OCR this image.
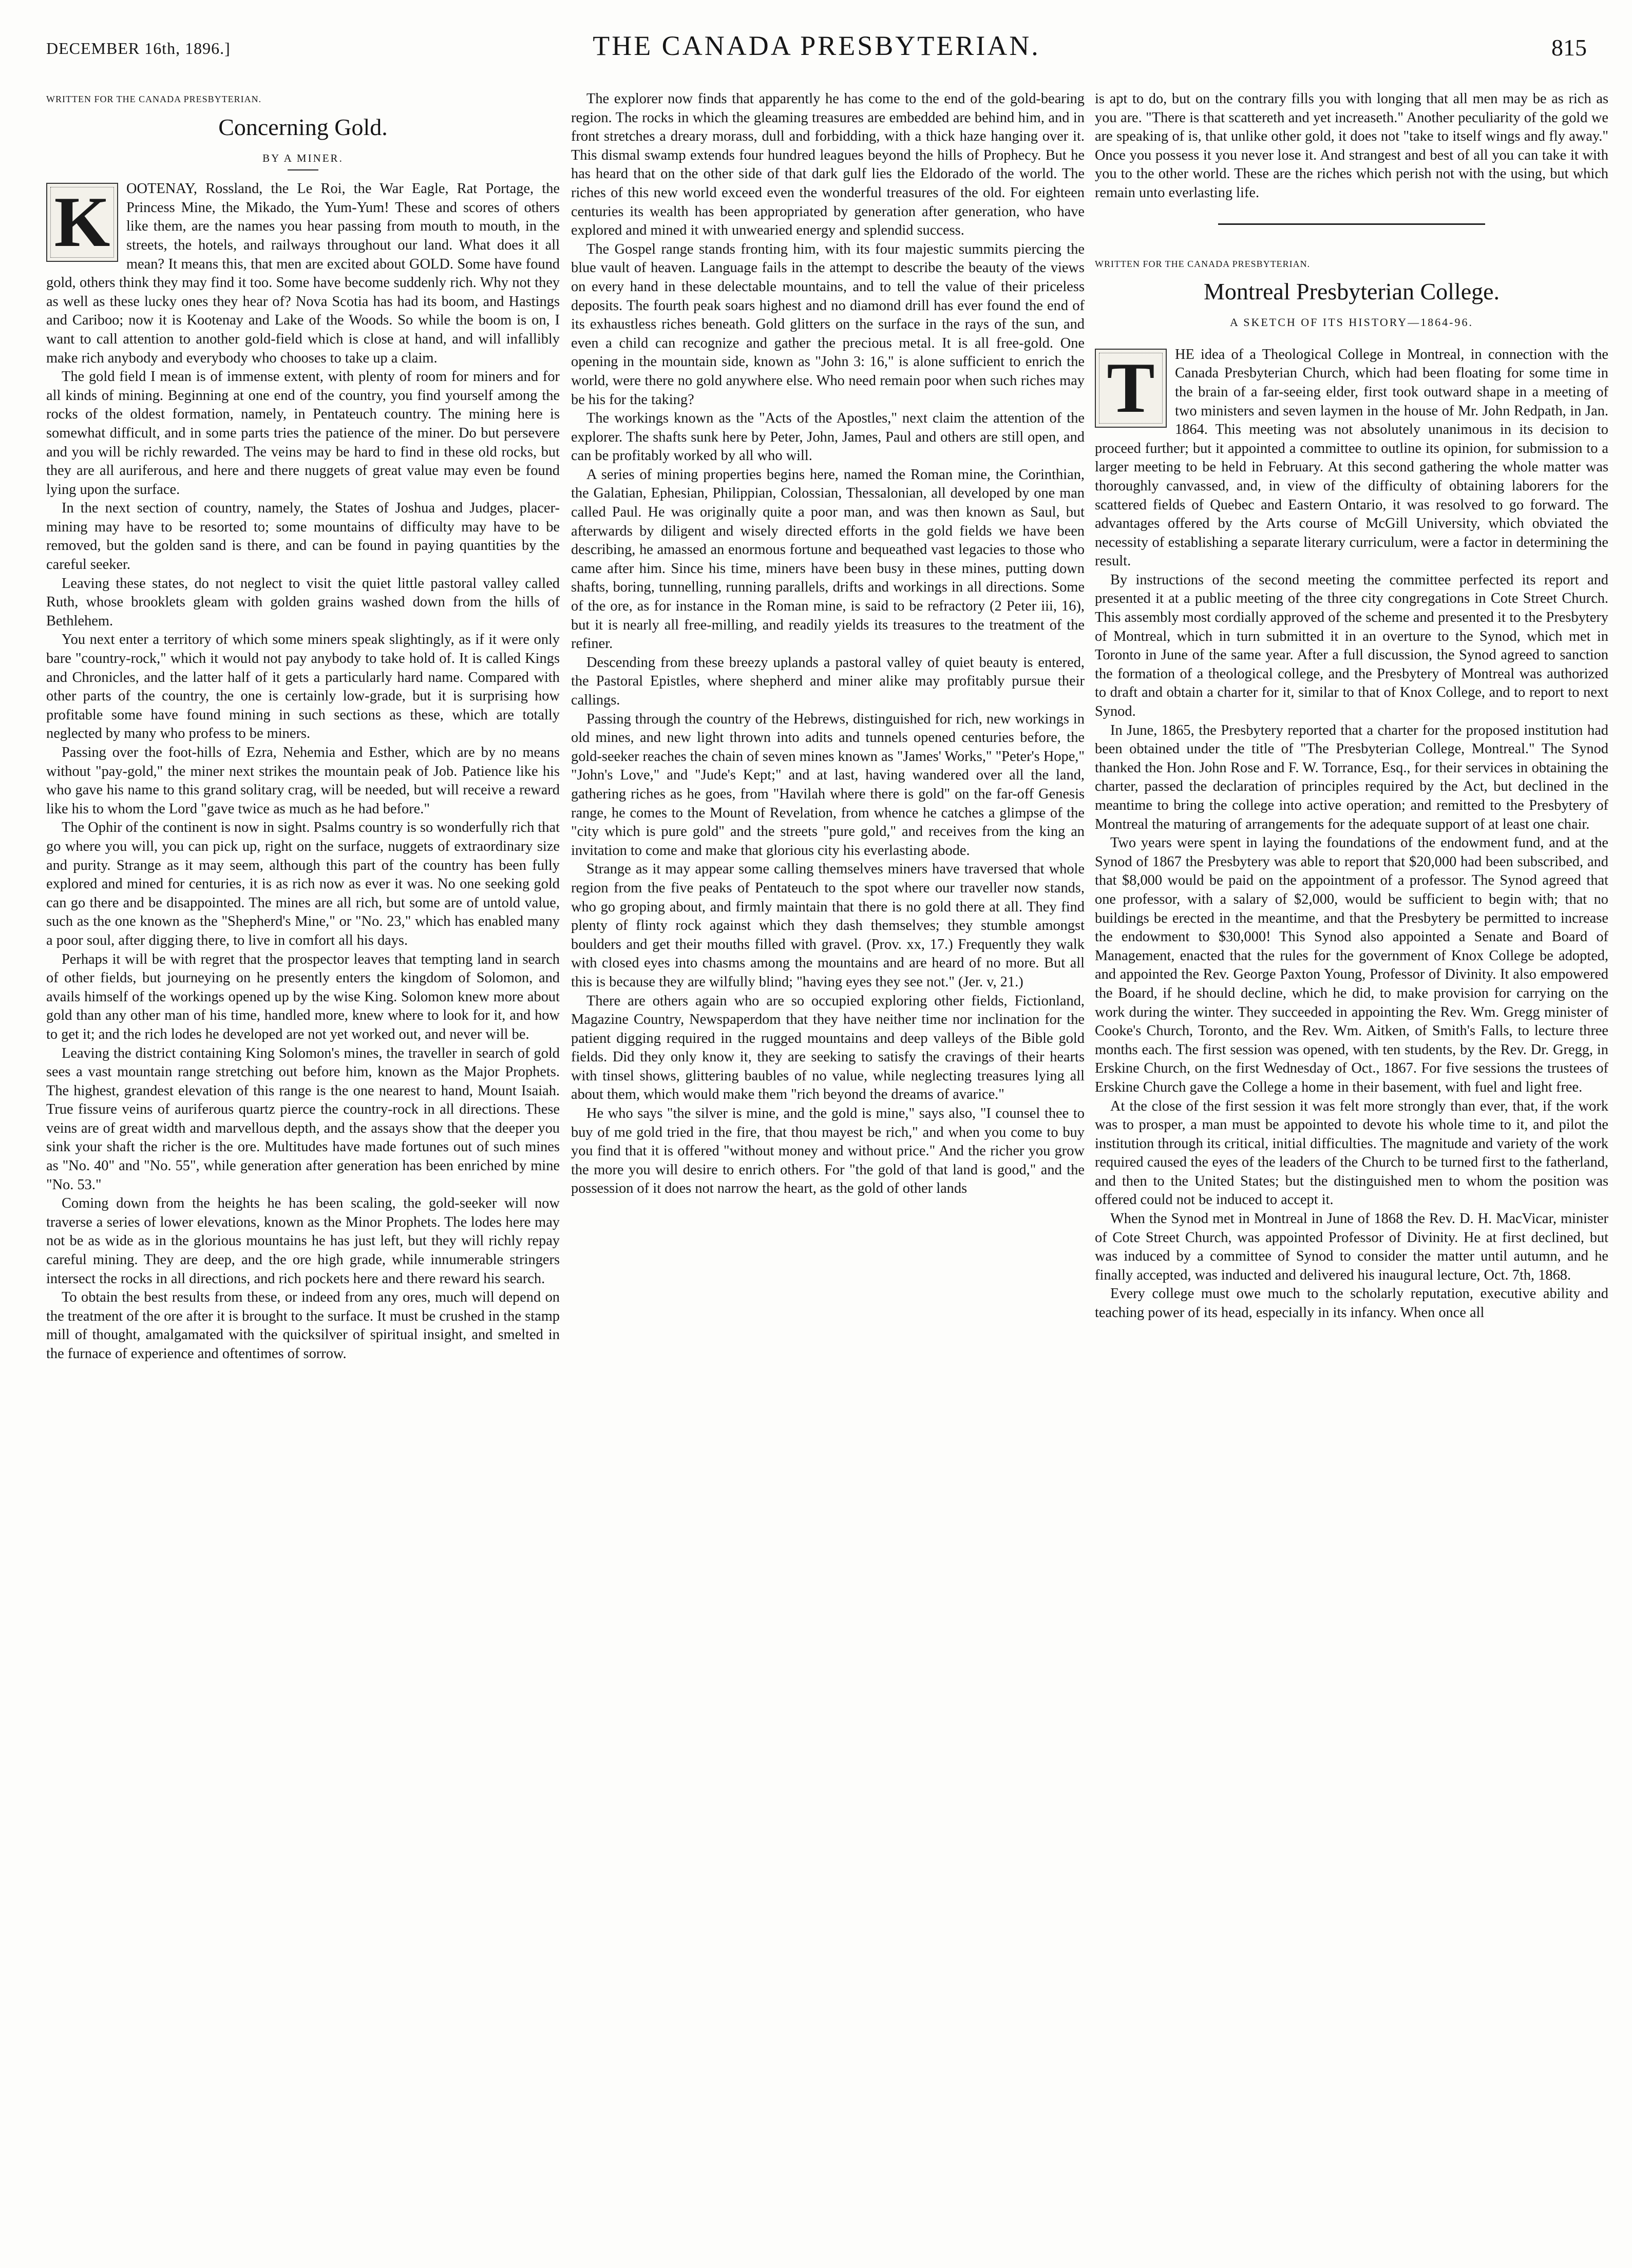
DECEMBER 16th, 1896.]	THE CANADA PRESBYTERIAN.	815
WRITTEN FOR THE CANADA PRESBYTERIAN.
Concerning Gold.
BY A MINER.

K	OOTENAY, Rossland, the Le Roi, the War Eagle, Rat Portage, the Princess Mine, the Mikado, the Yum-Yum! These and scores of others like them, are the names you hear passing from mouth to mouth, in the streets, the hotels, and railways throughout our land. What does it all mean? It means this, that men are excited about GOLD. Some have found gold, others think they may find it too. Some have become suddenly rich. Why not they as well as these lucky ones they hear of? Nova Scotia has had its boom, and Hastings and Cariboo; now it is Kootenay and Lake of the Woods. So while the boom is on, I want to call attention to another gold-field which is close at hand, and will infallibly make rich anybody and everybody who chooses to take up a claim.

The gold field I mean is of immense extent, with plenty of room for miners and for all kinds of mining. Beginning at one end of the country, you find yourself among the rocks of the oldest formation, namely, in Pentateuch country. The mining here is somewhat difficult, and in some parts tries the patience of the miner. Do but persevere and you will be richly rewarded. The veins may be hard to find in these old rocks, but they are all auriferous, and here and there nuggets of great value may even be found lying upon the surface.

In the next section of country, namely, the States of Joshua and Judges, placer-mining may have to be resorted to; some mountains of difficulty may have to be removed, but the golden sand is there, and can be found in paying quantities by the careful seeker.

Leaving these states, do not neglect to visit the quiet little pastoral valley called Ruth, whose brooklets gleam with golden grains washed down from the hills of Bethlehem.

You next enter a territory of which some miners speak slightingly, as if it were only bare "country-rock," which it would not pay anybody to take hold of. It is called Kings and Chronicles, and the latter half of it gets a particularly hard name. Compared with other parts of the country, the one is certainly low-grade, but it is surprising how profitable some have found mining in such sections as these, which are totally neglected by many who profess to be miners.

Passing over the foot-hills of Ezra, Nehemia and Esther, which are by no means without "pay-gold," the miner next strikes the mountain peak of Job. Patience like his who gave his name to this grand solitary crag, will be needed, but will receive a reward like his to whom the Lord "gave twice as much as he had before."

The Ophir of the continent is now in sight. Psalms country is so wonderfully rich that go where you will, you can pick up, right on the surface, nuggets of extraordinary size and purity. Strange as it may seem, although this part of the country has been fully explored and mined for centuries, it is as rich now as ever it was. No one seeking gold can go there and be disappointed. The mines are all rich, but some are of untold value, such as the one known as the "Shepherd's Mine," or "No. 23," which has enabled many a poor soul, after digging there, to live in comfort all his days.

Perhaps it will be with regret that the prospector leaves that tempting land in search of other fields, but journeying on he presently enters the kingdom of Solomon, and avails himself of the workings opened up by the wise King. Solomon knew more about gold than any other man of his time, handled more, knew where to look for it, and how to get it; and the rich lodes he developed are not yet worked out, and never will be.

Leaving the district containing King Solomon's mines, the traveller in search of gold sees a vast mountain range stretching out before him, known as the Major Prophets. The highest, grandest elevation of this range is the one nearest to hand, Mount Isaiah. True fissure veins of auriferous quartz pierce the country-rock in all directions. These veins are of great width and marvellous depth, and the assays show that the deeper you sink your shaft the richer is the ore. Multitudes have made fortunes out of such mines as "No. 40" and "No. 55", while generation after generation has been enriched by mine "No. 53."

Coming down from the heights he has been scaling, the gold-seeker will now traverse a series of lower elevations, known as the Minor Prophets. The lodes here may not be as wide as in the glorious mountains he has just left, but they will richly repay careful mining. They are deep, and the ore high grade, while innumerable stringers intersect the rocks in all directions, and rich pockets here and there reward his search.

To obtain the best results from these, or indeed from any ores, much will depend on the treatment of the ore after it is brought to the surface. It must be crushed in the stamp mill of thought, amalgamated with the quicksilver of spiritual insight, and smelted in the furnace of experience and oftentimes of sorrow.

The explorer now finds that apparently he has come to the end of the gold-bearing region. The rocks in which the gleaming treasures are embedded are behind him, and in front stretches a dreary morass, dull and forbidding, with a thick haze hanging over it. This dismal swamp extends four hundred leagues beyond the hills of Prophecy. But he has heard that on the other side of that dark gulf lies the Eldorado of the world. The riches of this new world exceed even the wonderful treasures of the old. For eighteen centuries its wealth has been appropriated by generation after generation, who have explored and mined it with unwearied energy and splendid success.

The Gospel range stands fronting him, with its four majestic summits piercing the blue vault of heaven. Language fails in the attempt to describe the beauty of the views on every hand in these delectable mountains, and to tell the value of their priceless deposits. The fourth peak soars highest and no diamond drill has ever found the end of its exhaustless riches beneath. Gold glitters on the surface in the rays of the sun, and even a child can recognize and gather the precious metal. It is all free-gold. One opening in the mountain side, known as "John 3: 16," is alone sufficient to enrich the world, were there no gold anywhere else. Who need remain poor when such riches may be his for the taking?

The workings known as the "Acts of the Apostles," next claim the attention of the explorer. The shafts sunk here by Peter, John, James, Paul and others are still open, and can be profitably worked by all who will.

A series of mining properties begins here, named the Roman mine, the Corinthian, the Galatian, Ephesian, Philippian, Colossian, Thessalonian, all developed by one man called Paul. He was originally quite a poor man, and was then known as Saul, but afterwards by diligent and wisely directed efforts in the gold fields we have been describing, he amassed an enormous fortune and bequeathed vast legacies to those who came after him. Since his time, miners have been busy in these mines, putting down shafts, boring, tunnelling, running parallels, drifts and workings in all directions. Some of the ore, as for instance in the Roman mine, is said to be refractory (2 Peter iii, 16), but it is nearly all free-milling, and readily yields its treasures to the treatment of the refiner.

Descending from these breezy uplands a pastoral valley of quiet beauty is entered, the Pastoral Epistles, where shepherd and miner alike may profitably pursue their callings.

Passing through the country of the Hebrews, distinguished for rich, new workings in old mines, and new light thrown into adits and tunnels opened centuries before, the gold-seeker reaches the chain of seven mines known as "James' Works," "Peter's Hope," "John's Love," and "Jude's Kept;" and at last, having wandered over all the land, gathering riches as he goes, from "Havilah where there is gold" on the far-off Genesis range, he comes to the Mount of Revelation, from whence he catches a glimpse of the "city which is pure gold" and the streets "pure gold," and receives from the king an invitation to come and make that glorious city his everlasting abode.

Strange as it may appear some calling themselves miners have traversed that whole region from the five peaks of Pentateuch to the spot where our traveller now stands, who go groping about, and firmly maintain that there is no gold there at all. They find plenty of flinty rock against which they dash themselves; they stumble amongst boulders and get their mouths filled with gravel. (Prov. xx, 17.) Frequently they walk with closed eyes into chasms among the mountains and are heard of no more. But all this is because they are wilfully blind; "having eyes they see not." (Jer. v, 21.)

There are others again who are so occupied exploring other fields, Fictionland, Magazine Country, Newspaperdom that they have neither time nor inclination for the patient digging required in the rugged mountains and deep valleys of the Bible gold fields. Did they only know it, they are seeking to satisfy the cravings of their hearts with tinsel shows, glittering baubles of no value, while neglecting treasures lying all about them, which would make them "rich beyond the dreams of avarice."

He who says "the silver is mine, and the gold is mine," says also, "I counsel thee to buy of me gold tried in the fire, that thou mayest be rich," and when you come to buy you find that it is offered "without money and without price." And the richer you grow the more you will desire to enrich others. For "the gold of that land is good," and the possession of it does not narrow the heart, as the gold of other lands

is apt to do, but on the contrary fills you with longing that all men may be as rich as you are. "There is that scattereth and yet increaseth." Another peculiarity of the gold we are speaking of is, that unlike other gold, it does not "take to itself wings and fly away." Once you possess it you never lose it. And strangest and best of all you can take it with you to the other world. These are the riches which perish not with the using, but which remain unto everlasting life.

WRITTEN FOR THE CANADA PRESBYTERIAN.
Montreal Presbyterian College.
A SKETCH OF ITS HISTORY—1864-96.

T	HE idea of a Theological College in Montreal, in connection with the Canada Presbyterian Church, which had been floating for some time in the brain of a far-seeing elder, first took outward shape in a meeting of two ministers and seven laymen in the house of Mr. John Redpath, in Jan. 1864. This meeting was not absolutely unanimous in its decision to proceed further; but it appointed a committee to outline its opinion, for submission to a larger meeting to be held in February. At this second gathering the whole matter was thoroughly canvassed, and, in view of the difficulty of obtaining laborers for the scattered fields of Quebec and Eastern Ontario, it was resolved to go forward. The advantages offered by the Arts course of McGill University, which obviated the necessity of establishing a separate literary curriculum, were a factor in determining the result.

By instructions of the second meeting the committee perfected its report and presented it at a public meeting of the three city congregations in Cote Street Church. This assembly most cordially approved of the scheme and presented it to the Presbytery of Montreal, which in turn submitted it in an overture to the Synod, which met in Toronto in June of the same year. After a full discussion, the Synod agreed to sanction the formation of a theological college, and the Presbytery of Montreal was authorized to draft and obtain a charter for it, similar to that of Knox College, and to report to next Synod.

In June, 1865, the Presbytery reported that a charter for the proposed institution had been obtained under the title of "The Presbyterian College, Montreal." The Synod thanked the Hon. John Rose and F. W. Torrance, Esq., for their services in obtaining the charter, passed the declaration of principles required by the Act, but declined in the meantime to bring the college into active operation; and remitted to the Presbytery of Montreal the maturing of arrangements for the adequate support of at least one chair.

Two years were spent in laying the foundations of the endowment fund, and at the Synod of 1867 the Presbytery was able to report that $20,000 had been subscribed, and that $8,000 would be paid on the appointment of a professor. The Synod agreed that one professor, with a salary of $2,000, would be sufficient to begin with; that no buildings be erected in the meantime, and that the Presbytery be permitted to increase the endowment to $30,000! This Synod also appointed a Senate and Board of Management, enacted that the rules for the government of Knox College be adopted, and appointed the Rev. George Paxton Young, Professor of Divinity. It also empowered the Board, if he should decline, which he did, to make provision for carrying on the work during the winter. They succeeded in appointing the Rev. Wm. Gregg minister of Cooke's Church, Toronto, and the Rev. Wm. Aitken, of Smith's Falls, to lecture three months each. The first session was opened, with ten students, by the Rev. Dr. Gregg, in Erskine Church, on the first Wednesday of Oct., 1867. For five sessions the trustees of Erskine Church gave the College a home in their basement, with fuel and light free.

At the close of the first session it was felt more strongly than ever, that, if the work was to prosper, a man must be appointed to devote his whole time to it, and pilot the institution through its critical, initial difficulties. The magnitude and variety of the work required caused the eyes of the leaders of the Church to be turned first to the fatherland, and then to the United States; but the distinguished men to whom the position was offered could not be induced to accept it.

When the Synod met in Montreal in June of 1868 the Rev. D. H. MacVicar, minister of Cote Street Church, was appointed Professor of Divinity. He at first declined, but was induced by a committee of Synod to consider the matter until autumn, and he finally accepted, was inducted and delivered his inaugural lecture, Oct. 7th, 1868.

Every college must owe much to the scholarly reputation, executive ability and teaching power of its head, especially in its infancy. When once all
